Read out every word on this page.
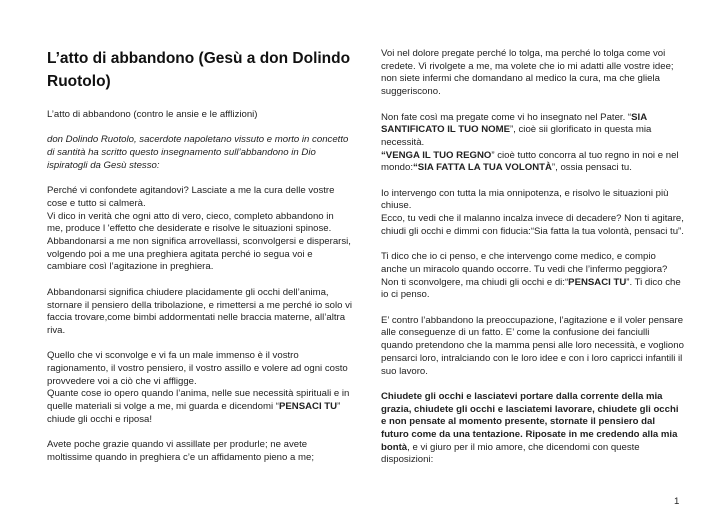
L’atto di abbandono (Gesù a don Dolindo Ruotolo)

L’atto di abbandono (contro le ansie e le afflizioni)

don Dolindo Ruotolo, sacerdote napoletano vissuto e morto in concetto di santità ha scritto questo insegnamento sull’abbandono in Dio ispiratogli da Gesù stesso:

Perché vi confondete agitandovi? Lasciate a me la cura delle vostre cose e tutto si calmerà.

Vi dico in verità che ogni atto di vero, cieco, completo abbandono in me, produce l 'effetto che desiderate e risolve le situazioni spinose. Abbandonarsi a me non significa arrovellassi, sconvolgersi e disperarsi, volgendo poi a me una preghiera agitata perché io segua voi e cambiare così l’agitazione in preghiera.

Abbandonarsi significa chiudere placidamente gli occhi dell’anima, stornare il pensiero della tribolazione, e rimettersi a me perché io solo vi faccia trovare,come bimbi addormentati nelle braccia materne, all’altra riva.

Quello che vi sconvolge e vi fa un male immenso è il vostro ragionamento, il vostro pensiero, il vostro assillo e volere ad ogni costo provvedere voi a ciò che vi affligge.

Quante cose io opero quando l’anima, nelle sue necessità spirituali e in quelle materiali si volge a me, mi guarda e dicendomi “PENSACI TU” chiude gli occhi e riposa!

Avete poche grazie quando vi assillate per produrle; ne avete moltissime quando in preghiera c’e un affidamento pieno a me;

Voi nel dolore pregate perché lo tolga, ma perché lo tolga come voi credete. Vi rivolgete a me, ma volete che io mi adatti alle vostre idee; non siete infermi che domandano al medico la cura, ma che gliela suggeriscono.

Non fate così ma pregate come vi ho insegnato nel Pater. “SIA SANTIFICATO IL TUO NOME”, cioè sii glorificato in questa mia necessità.
“VENGA IL TUO REGNO” cioè tutto concorra al tuo regno in noi e nel mondo:“SIA FATTA LA TUA VOLONTÀ”, ossia pensaci tu.

Io intervengo con tutta la mia onnipotenza, e risolvo le situazioni più chiuse.

Ecco, tu vedi che il malanno incalza invece di decadere? Non ti agitare, chiudi gli occhi e dimmi con fiducia:“Sia fatta la tua volontà, pensaci tu”.

Ti dico che io ci penso, e che intervengo come medico, e compio anche un miracolo quando occorre. Tu vedi che l’infermo peggiora? Non ti sconvolgere, ma chiudi gli occhi e di:“PENSACI TU”. Ti dico che io ci penso.

E’ contro l’abbandono la preoccupazione, l’agitazione e il voler pensare alle conseguenze di un fatto. E’ come la confusione dei fanciulli quando pretendono che la mamma pensi alle loro necessità, e vogliono pensarci loro, intralciando con le loro idee e con i loro capricci infantili il suo lavoro.

Chiudete gli occhi e lasciatevi portare dalla corrente della mia grazia, chiudete gli occhi e lasciatemi lavorare, chiudete gli occhi e non pensate al momento presente, stornate il pensiero dal futuro come da una tentazione. Riposate in me credendo alla mia bontà, e vi giuro per il mio amore, che dicendomi con queste disposizioni:

1
